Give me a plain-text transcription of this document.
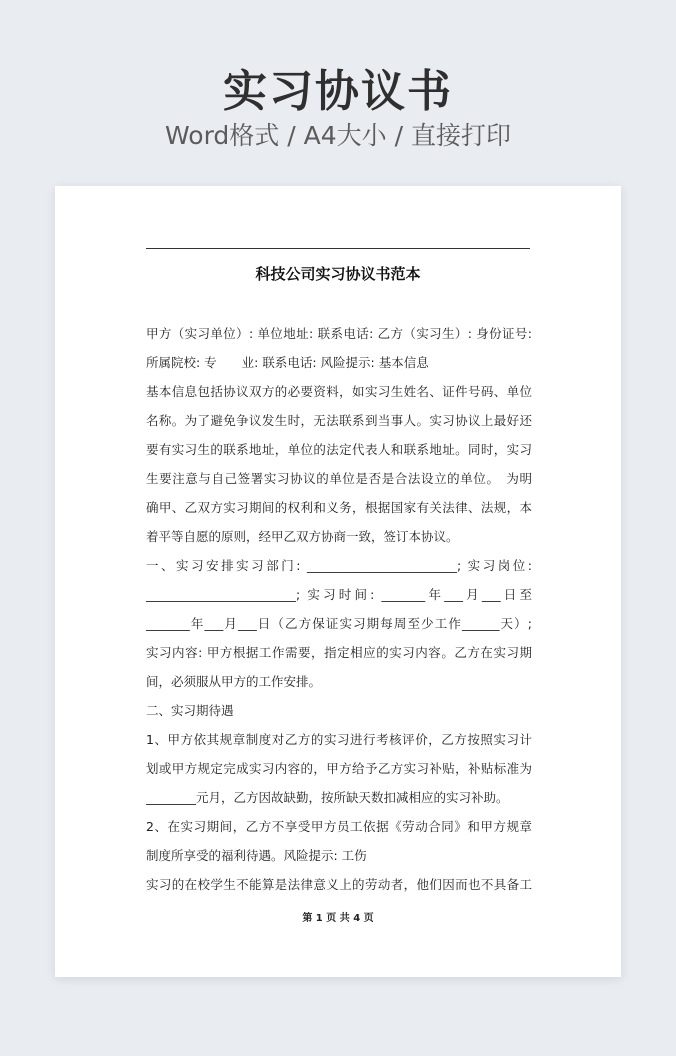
实习协议书
Word格式 / A4大小 / 直接打印
科技公司实习协议书范本
甲方（实习单位）: 单位地址: 联系电话: 乙方（实习生）: 身份证号:
所属院校: 专　　业: 联系电话: 风险提示: 基本信息
基本信息包括协议双方的必要资料，如实习生姓名、证件号码、单位
名称。为了避免争议发生时，无法联系到当事人。实习协议上最好还
要有实习生的联系地址，单位的法定代表人和联系地址。同时，实习
生要注意与自己签署实习协议的单位是否是合法设立的单位。　为明
确甲、乙双方实习期间的权利和义务，根据国家有关法律、法规，本
着平等自愿的原则，经甲乙双方协商一致，签订本协议。
一、实习安排实习部门: ________________________; 实习岗位:
________________________; 实习时间: _______年___月___日至
_______年___月___日（乙方保证实习期每周至少工作______天）;
实习内容: 甲方根据工作需要，指定相应的实习内容。乙方在实习期
间，必须服从甲方的工作安排。
二、实习期待遇
1、甲方依其规章制度对乙方的实习进行考核评价，乙方按照实习计
划或甲方规定完成实习内容的，甲方给予乙方实习补贴，补贴标准为
________元月，乙方因故缺勤，按所缺天数扣减相应的实习补助。
2、在实习期间，乙方不享受甲方员工依据《劳动合同》和甲方规章
制度所享受的福利待遇。风险提示: 工伤
实习的在校学生不能算是法律意义上的劳动者，他们因而也不具备工
第 1 页 共 4 页
